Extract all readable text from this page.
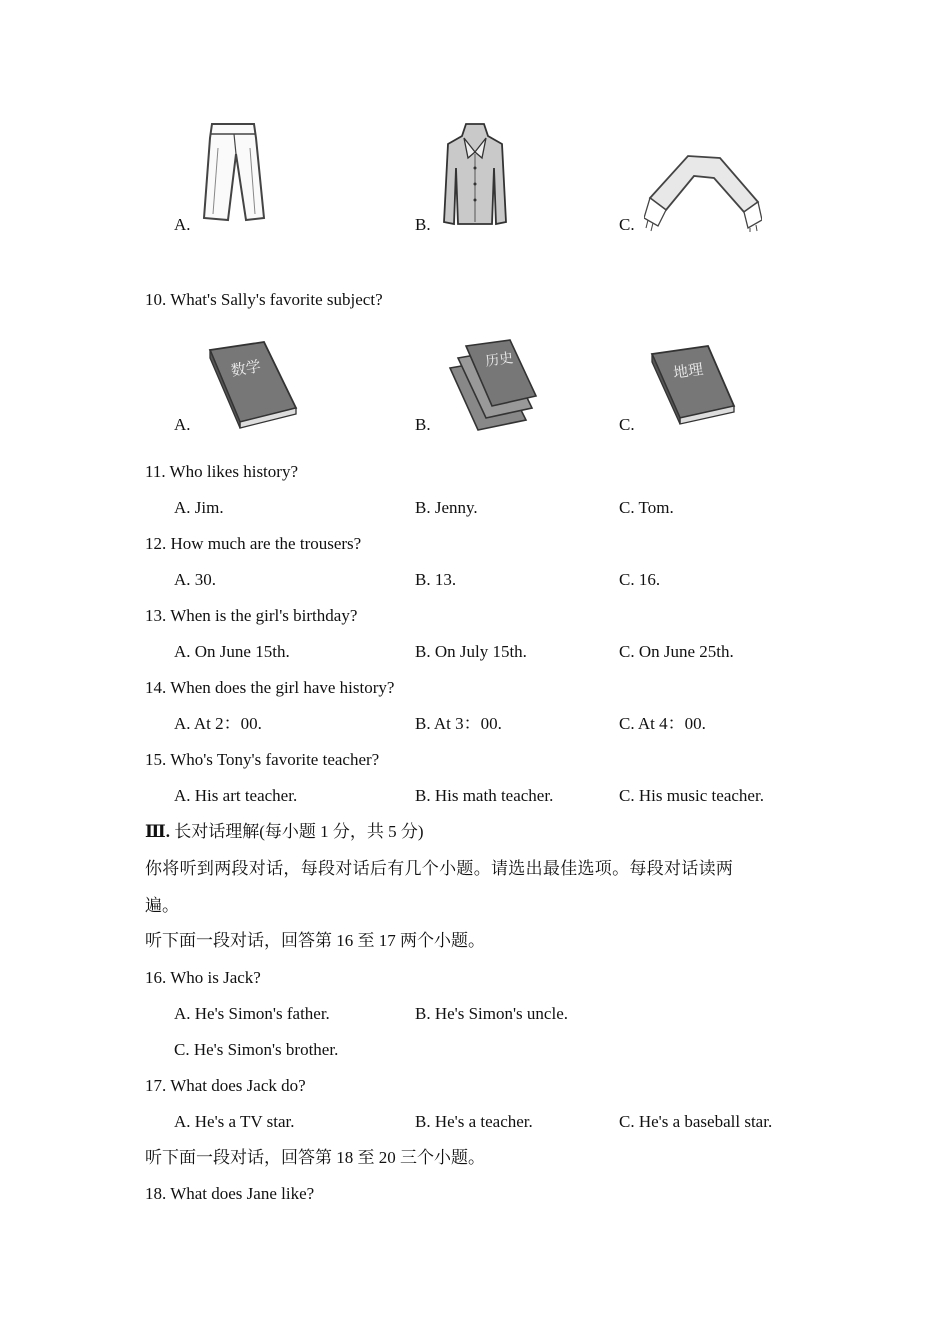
A.	B.	C.
10. What's Sally's favorite subject?
数学
A.
历史
B.
地理
C.
11. Who likes history?
A. Jim.	B. Jenny.	C. Tom.
12. How much are the trousers?
A. 30.	B. 13.	C. 16.
13. When is the girl's birthday?
A. On June 15th.	B. On July 15th.	C. On June 25th.
14. When does the girl have history?
A. At 2：00.	B. At 3：00.	C. At 4：00.
15. Who's Tony's favorite teacher?
A. His art teacher.	B. His math teacher.	C. His music teacher.
Ⅲ. 长对话理解(每小题 1 分，共 5 分)
你将听到两段对话，每段对话后有几个小题。请选出最佳选项。每段对话读两
遍。
听下面一段对话，回答第 16 至 17 两个小题。
16. Who is Jack?
A. He's Simon's father.	B. He's Simon's uncle.
C. He's Simon's brother.
17. What does Jack do?
A. He's a TV star.	B. He's a teacher.	C. He's a baseball star.
听下面一段对话，回答第 18 至 20 三个小题。
18. What does Jane like?
